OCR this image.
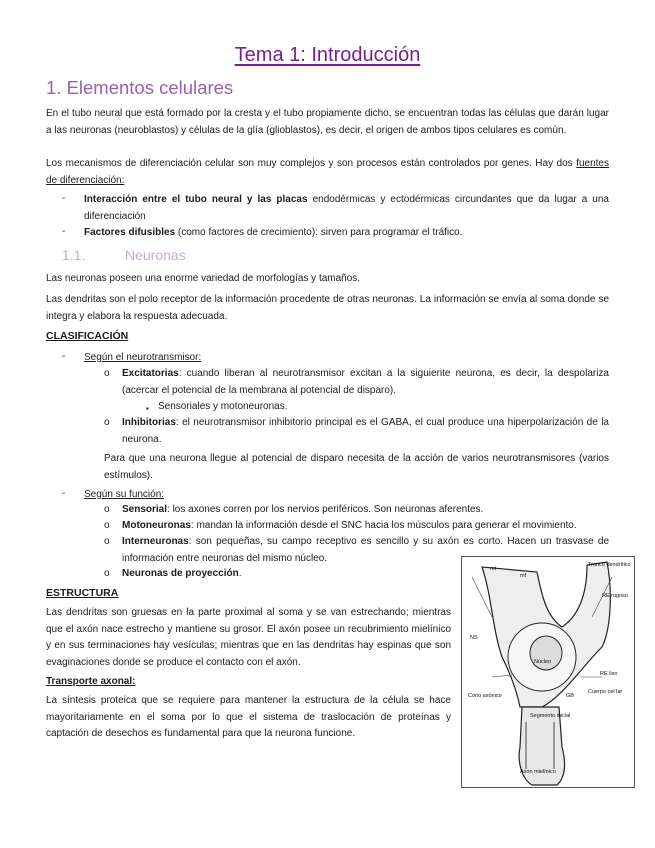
Tema 1: Introducción
1. Elementos celulares
En el tubo neural que está formado por la cresta y el tubo propiamente dicho, se encuentran todas las células que darán lugar a las neuronas (neuroblastos) y células de la glía (glioblastos), es decir, el origen de ambos tipos celulares es común.
Los mecanismos de diferenciación celular son muy complejos y son procesos están controlados por genes. Hay dos fuentes de diferenciación:
- Interacción entre el tubo neural y las placas endodérmicas y ectodérmicas circundantes que da lugar a una diferenciación
- Factores difusibles (como factores de crecimiento): sirven para programar el tráfico.
1.1.	Neuronas
Las neuronas poseen una enorme variedad de morfologías y tamaños.
Las dendritas son el polo receptor de la información procedente de otras neuronas. La información se envía al soma donde se integra y elabora la respuesta adecuada.
CLASIFICACIÓN
- Según el neurotransmisor:
o Excitatorias: cuando liberan al neurotransmisor excitan a la siguiente neurona, es decir, la despolariza (acercar el potencial de la membrana al potencial de disparo).
▪ Sensoriales y motoneuronas.
o Inhibitorias: el neurotransmisor inhibitorio principal es el GABA, el cual produce una hiperpolarización de la neurona.
Para que una neurona llegue al potencial de disparo necesita de la acción de varios neurotransmisores (varios estímulos).
- Según su función:
o Sensorial: los axones corren por los nervios periféricos. Son neuronas aferentes.
o Motoneuronas: mandan la información desde el SNC hacia los músculos para generar el movimiento.
o Interneuronas: son pequeñas, su campo receptivo es sencillo y su axón es corto. Hacen un trasvase de información entre neuronas del mismo núcleo.
o Neuronas de proyección.
ESTRUCTURA
Las dendritas son gruesas en la parte proximal al soma y se van estrechando; mientras que el axón nace estrecho y mantiene su grosor. El axón posee un recubrimiento mielínico y en sus terminaciones hay vesículas; mientras que en las dendritas hay espinas que son evaginaciones donde se produce el contacto con el axón.
Transporte axonal:
La síntesis proteica que se requiere para mantener la estructura de la célula se hace mayoritariamente en el soma por lo que el sistema de traslocación de proteínas y captación de desechos es fundamental para que la neurona funcione.
Tronco dendrítico
RE rugoso
mt
mf
NS
Núcleo
Cono axónico
RE liso
Cuerpo cel lar
GB
Segmento inicial
Axón mielínico
